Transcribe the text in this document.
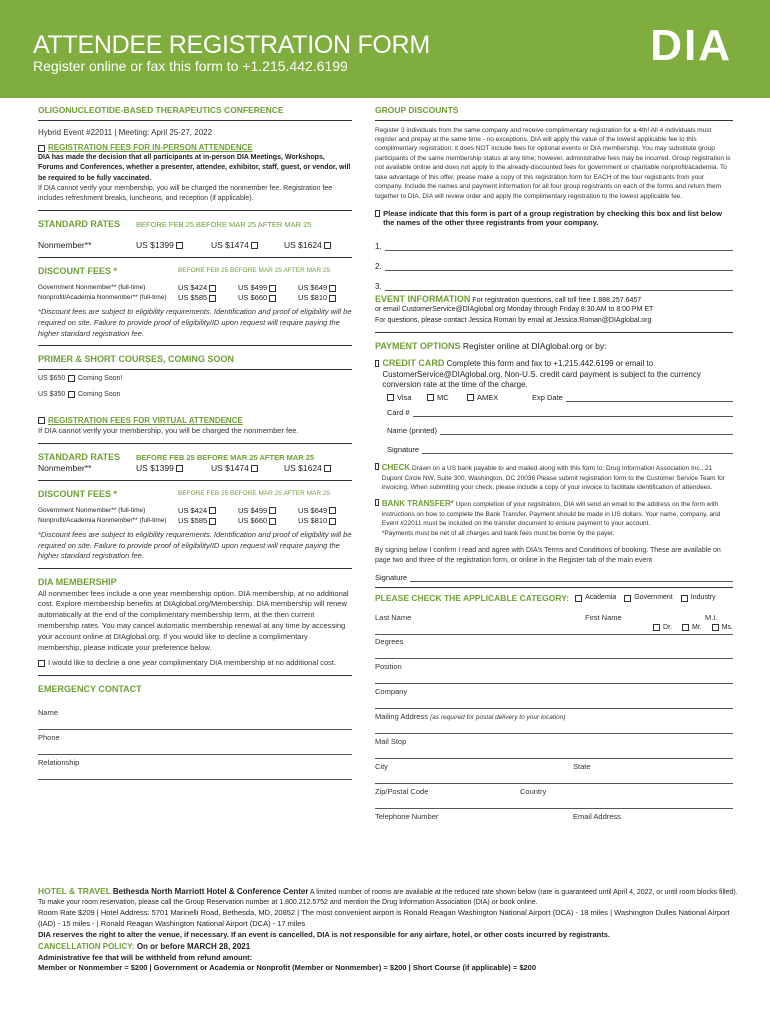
ATTENDEE REGISTRATION FORM
Register online or fax this form to +1.215.442.6199	DIA
OLIGONUCLEOTIDE-BASED THERAPEUTICS CONFERENCE
Hybrid Event #22011 | Meeting: April 25-27, 2022
REGISTRATION FEES FOR IN-PERSON ATTENDENCE
DIA has made the decision that all participants at in-person DIA Meetings, Workshops, Forums and Conferences, whether a presenter, attendee, exhibitor, staff, guest, or vendor, will be required to be fully vaccinated.
If DIA cannot verify your membership, you will be charged the nonmember fee. Registration fee includes refreshment breaks, luncheons, and reception (if applicable).
STANDARD RATES	BEFORE FEB 25 BEFORE MAR 25 AFTER MAR 25
Nonmember**	US $1399	US $1474	US $1624
DISCOUNT FEES *	BEFORE FEB 25 BEFORE MAR 25 AFTER MAR 25
Government Nonmember** (full-time)	US $424	US $499	US $649
Nonprofit/Academia Nonmember** (full-time)	US $585	US $660	US $810
*Discount fees are subject to eligibility requirements. Identification and proof of eligibility will be required on site. Failure to provide proof of eligibility/ID upon request will require paying the higher standard registration fee.
PRIMER & SHORT COURSES, COMING SOON
US $650	Coming Soon!
US $350	Coming Soon
REGISTRATION FEES FOR VIRTUAL ATTENDENCE
If DIA cannot verify your membership, you will be charged the nonmember fee.
STANDARD RATES	BEFORE FEB 25 BEFORE MAR 25 AFTER MAR 25
Nonmember**	US $1399	US $1474	US $1624
DISCOUNT FEES *	BEFORE FEB 25 BEFORE MAR 25 AFTER MAR 25
Government Nonmember** (full-time)	US $424	US $499	US $649
Nonprofit/Academia Nonmember** (full-time)	US $585	US $660	US $810
*Discount fees are subject to eligibility requirements. Identification and proof of eligibility will be required on site. Failure to provide proof of eligibility/ID upon request will require paying the higher standard registration fee.
DIA MEMBERSHIP
All nonmember fees include a one year membership option. DIA membership, at no additional cost. Explore membership benefits at DIAglobal.org/Membership. DIA membership will renew automatically at the end of the complimentary membership term, at the then current membership rates. You may cancel automatic membership renewal at any time by accessing your account online at DIAglobal.org. If you would like to decline a complimentary membership, please indicate your preference below.
I would like to decline a one year complimentary DIA membership at no additional cost.
EMERGENCY CONTACT
Name
Phone
Relationship
GROUP DISCOUNTS
Register 3 individuals from the same company and receive complimentary registration for a 4th! All 4 individuals must register and prepay at the same time - no exceptions. DIA will apply the value of the lowest applicable fee to this complimentary registration; it does NOT include fees for optional events or DIA membership. You may substitute group participants of the same membership status at any time; however, administrative fees may be incurred. Group registration is not available online and does not apply to the already-discounted fees for government or charitable nonprofit/academia. To take advantage of this offer, please make a copy of this registration form for EACH of the four registrants from your company. Include the names and payment information for all four group registrants on each of the forms and return them together to DIA. DIA will review order and apply the complimentary registration to the lowest applicable fee.
Please indicate that this form is part of a group registration by checking this box and list below the names of the other three registrants from your company.
1.
2.
3.
EVENT INFORMATION For registration questions, call toll free 1.888.257.6457
or email CustomerService@DIAglobal.org Monday through Friday 8:30 AM to 8:00 PM ET
For questions, please contact Jessica Roman by email at Jessica.Roman@DIAglobal.org
PAYMENT OPTIONS Register online at DIAglobal.org or by:
CREDIT CARD Complete this form and fax to +1.215.442.6199 or email to CustomerService@DIAglobal.org. Non-U.S. credit card payment is subject to the currency conversion rate at the time of the charge.
Visa	MC	AMEX	Exp Date
Card #
Name (printed)
Signature
CHECK Drawn on a US bank payable to and mailed along with this form to: Drug Information Association Inc., 21 Dupont Circle NW, Suite 300, Washington, DC 20036 Please submit registration form to the Customer Service Team for invoicing. When submitting your check, please include a copy of your invoice to facilitate identification of attendees.
BANK TRANSFER* Upon completion of your registration, DIA will send an email to the address on the form with instructions on how to complete the Bank Transfer. Payment should be made in US dollars. Your name, company, and Event #22011 must be included on the transfer document to ensure payment to your account.
*Payments must be net of all charges and bank fees must be borne by the payer.
By signing below I confirm I read and agree with DIA's Terms and Conditions of booking. These are available on page two and three of the registration form, or online in the Register tab of the main event
Signature
PLEASE CHECK THE APPLICABLE CATEGORY: Academia	Government	Industry
Last Name	First Name	M.I.
Dr.	Mr.	Ms.
Degrees
Position
Company
Mailing Address (as required for postal delivery to your location)
Mail Stop
City	State
Zip/Postal Code	Country
Telephone Number	Email Address
HOTEL & TRAVEL Bethesda North Marriott Hotel & Conference Center A limited number of rooms are available at the reduced rate shown below (rate is guaranteed until April 4, 2022, or until room blocks filled). To make your room reservation, please call the Group Reservation number at 1.800.212.5752 and mention the Drug Information Association (DIA) or book online.
Room Rate $209 | Hotel Address: 5701 Marinelli Road, Bethesda, MD, 20852 | The most convenient airport is Ronald Reagan Washington National Airport (DCA) - 18 miles | Washington Dulles National Airport (IAD) - 15 miles - | Ronald Reagan Washington National Airport (DCA) - 17 miles
DIA reserves the right to alter the venue, if necessary. If an event is cancelled, DIA is not responsible for any airfare, hotel, or other costs incurred by registrants.
CANCELLATION POLICY: On or before MARCH 28, 2021
Administrative fee that will be withheld from refund amount:
Member or Nonmember = $200 | Government or Academia or Nonprofit (Member or Nonmember) = $200 | Short Course (if applicable) = $200
